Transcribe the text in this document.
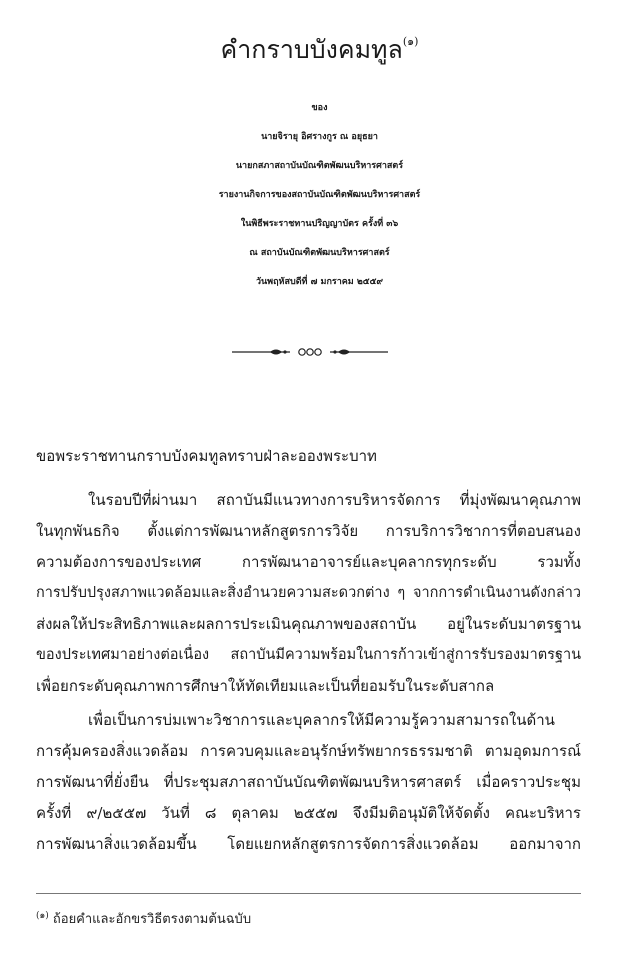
คำกราบบังคมทูล$^{(๑)}$
ของ
นายจิรายุ อิศรางกูร ณ อยุธยา
นายกสภาสถาบันบัณฑิตพัฒนบริหารศาสตร์
รายงานกิจการของสถาบันบัณฑิตพัฒนบริหารศาสตร์
ในพิธีพระราชทานปริญญาบัตร ครั้งที่ ๓๖
ณ สถาบันบัณฑิตพัฒนบริหารศาสตร์
วันพฤหัสบดีที่ ๗ มกราคม ๒๕๕๙
ขอพระราชทานกราบบังคมทูลทราบฝ่าละอองพระบาท
ในรอบปีที่ผ่านมา สถาบันมีแนวทางการบริหารจัดการ ที่มุ่งพัฒนาคุณภาพ
ในทุกพันธกิจ ตั้งแต่การพัฒนาหลักสูตรการวิจัย การบริการวิชาการที่ตอบสนอง
ความต้องการของประเทศ การพัฒนาอาจารย์และบุคลากรทุกระดับ รวมทั้ง
การปรับปรุงสภาพแวดล้อมและสิ่งอำนวยความสะดวกต่าง ๆ จากการดำเนินงานดังกล่าว
ส่งผลให้ประสิทธิภาพและผลการประเมินคุณภาพของสถาบัน อยู่ในระดับมาตรฐาน
ของประเทศมาอย่างต่อเนื่อง สถาบันมีความพร้อมในการก้าวเข้าสู่การรับรองมาตรฐาน
เพื่อยกระดับคุณภาพการศึกษาให้ทัดเทียมและเป็นที่ยอมรับในระดับสากล
เพื่อเป็นการบ่มเพาะวิชาการและบุคลากรให้มีความรู้ความสามารถในด้าน
การคุ้มครองสิ่งแวดล้อม การควบคุมและอนุรักษ์ทรัพยากรธรรมชาติ ตามอุดมการณ์
การพัฒนาที่ยั่งยืน ที่ประชุมสภาสถาบันบัณฑิตพัฒนบริหารศาสตร์ เมื่อคราวประชุม
ครั้งที่ ๙/๒๕๕๗ วันที่ ๘ ตุลาคม ๒๕๕๗ จึงมีมติอนุมัติให้จัดตั้ง คณะบริหาร
การพัฒนาสิ่งแวดล้อมขึ้น โดยแยกหลักสูตรการจัดการสิ่งแวดล้อม ออกมาจาก
$^{(๑)}$ ถ้อยคำและอักขรวิธีตรงตามต้นฉบับ
